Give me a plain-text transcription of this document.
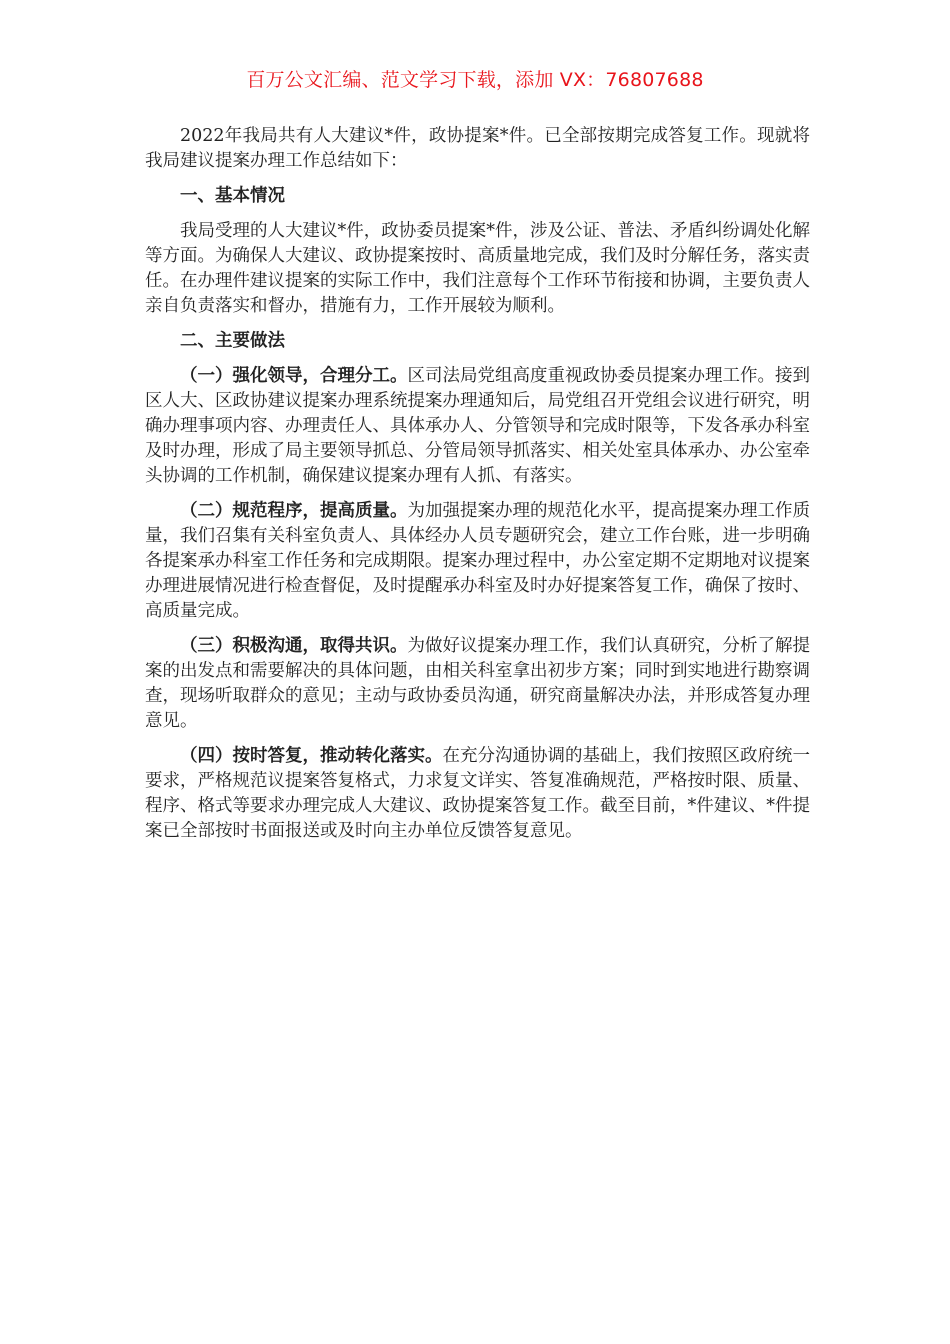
百万公文汇编、范文学习下载，添加 VX：76807688

2022年我局共有人大建议*件，政协提案*件。已全部按期完成答复工作。现就将我局建议提案办理工作总结如下：

一、基本情况

我局受理的人大建议*件，政协委员提案*件，涉及公证、普法、矛盾纠纷调处化解等方面。为确保人大建议、政协提案按时、高质量地完成，我们及时分解任务，落实责任。在办理件建议提案的实际工作中，我们注意每个工作环节衔接和协调，主要负责人亲自负责落实和督办，措施有力，工作开展较为顺利。

二、主要做法

（一）强化领导，合理分工。区司法局党组高度重视政协委员提案办理工作。接到区人大、区政协建议提案办理系统提案办理通知后，局党组召开党组会议进行研究，明确办理事项内容、办理责任人、具体承办人、分管领导和完成时限等，下发各承办科室及时办理，形成了局主要领导抓总、分管局领导抓落实、相关处室具体承办、办公室牵头协调的工作机制，确保建议提案办理有人抓、有落实。

（二）规范程序，提高质量。为加强提案办理的规范化水平，提高提案办理工作质量，我们召集有关科室负责人、具体经办人员专题研究会，建立工作台账，进一步明确各提案承办科室工作任务和完成期限。提案办理过程中，办公室定期不定期地对议提案办理进展情况进行检查督促，及时提醒承办科室及时办好提案答复工作，确保了按时、高质量完成。

（三）积极沟通，取得共识。为做好议提案办理工作，我们认真研究，分析了解提案的出发点和需要解决的具体问题，由相关科室拿出初步方案；同时到实地进行勘察调查，现场听取群众的意见；主动与政协委员沟通，研究商量解决办法，并形成答复办理意见。

（四）按时答复，推动转化落实。在充分沟通协调的基础上，我们按照区政府统一要求，严格规范议提案答复格式，力求复文详实、答复准确规范，严格按时限、质量、程序、格式等要求办理完成人大建议、政协提案答复工作。截至目前，*件建议、*件提案已全部按时书面报送或及时向主办单位反馈答复意见。
